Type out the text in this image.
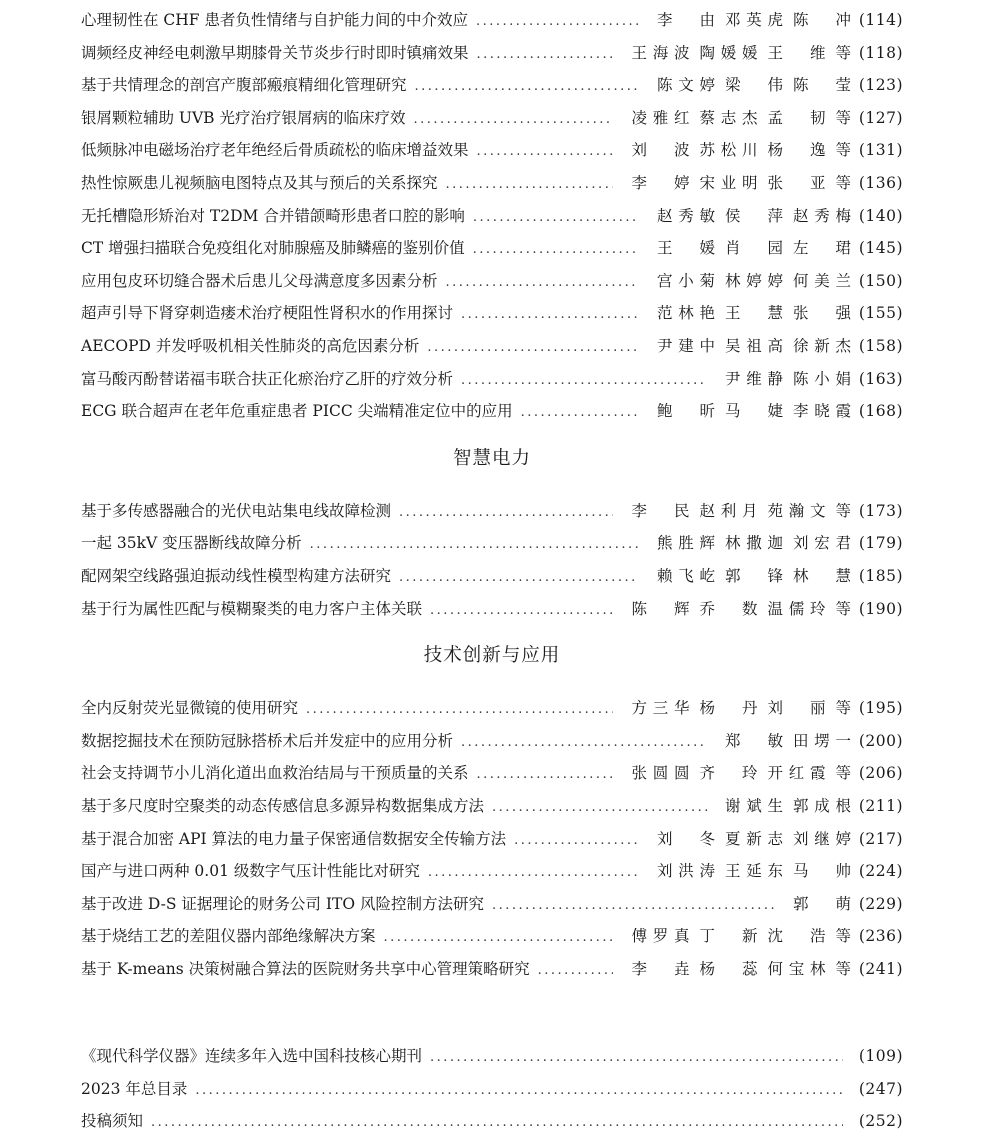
心理韧性在 CHF 患者负性情绪与自护能力间的中介效应 .....	李　由 邓英虎 陈　冲 (114)
调频经皮神经电刺激早期膝骨关节炎步行时即时镇痛效果 .....	王海波 陶媛媛 王　维 等 (118)
基于共情理念的剖宫产腹部瘢痕精细化管理研究 .....	陈文婷 梁　伟 陈　莹 (123)
银屑颗粒辅助 UVB 光疗治疗银屑病的临床疗效 .....	凌雅红 蔡志杰 孟　韧 等 (127)
低频脉冲电磁场治疗老年绝经后骨质疏松的临床增益效果 .....	刘　波 苏松川 杨　逸 等 (131)
热性惊厥患儿视频脑电图特点及其与预后的关系探究 .....	李　婷 宋业明 张　亚 等 (136)
无托槽隐形矫治对 T2DM 合并错颌畸形患者口腔的影响 .....	赵秀敏 侯　萍 赵秀梅 (140)
CT 增强扫描联合免疫组化对肺腺癌及肺鳞癌的鉴别价值 .....	王　媛 肖　园 左　珺 (145)
应用包皮环切缝合器术后患儿父母满意度多因素分析 .....	宫小菊 林婷婷 何美兰 (150)
超声引导下肾穿刺造瘘术治疗梗阻性肾积水的作用探讨 .....	范林艳 王　慧 张　强 (155)
AECOPD 并发呼吸机相关性肺炎的高危因素分析 .....	尹建中 吴祖高 徐新杰 (158)
富马酸丙酚替诺福韦联合扶正化瘀治疗乙肝的疗效分析 .....	尹维静 陈小娟 (163)
ECG 联合超声在老年危重症患者 PICC 尖端精准定位中的应用 .....	鲍　昕 马　婕 李晓霞 (168)
智慧电力
基于多传感器融合的光伏电站集电线故障检测 .....	李　民 赵利月 苑瀚文 等 (173)
一起 35kV 变压器断线故障分析 .....	熊胜辉 林撒迦 刘宏君 (179)
配网架空线路强迫振动线性模型构建方法研究 .....	赖飞屹 郭　锋 林　慧 (185)
基于行为属性匹配与模糊聚类的电力客户主体关联 .....	陈　辉 乔　数 温儒玲 等 (190)
技术创新与应用
全内反射荧光显微镜的使用研究 .....	方三华 杨　丹 刘　丽 等 (195)
数据挖掘技术在预防冠脉搭桥术后并发症中的应用分析 .....	郑　敏 田塄一 (200)
社会支持调节小儿消化道出血救治结局与干预质量的关系 .....	张圆圆 齐　玲 开红霞 等 (206)
基于多尺度时空聚类的动态传感信息多源异构数据集成方法 .....	谢斌生 郭成根 (211)
基于混合加密 API 算法的电力量子保密通信数据安全传输方法 .....	刘　冬 夏新志 刘继婷 (217)
国产与进口两种 0.01 级数字气压计性能比对研究 .....	刘洪涛 王延东 马　帅 (224)
基于改进 D-S 证据理论的财务公司 ITO 风险控制方法研究 .....	郭　萌 (229)
基于烧结工艺的差阻仪器内部绝缘解决方案 .....	傅罗真 丁　新 沈　浩 等 (236)
基于 K-means 决策树融合算法的医院财务共享中心管理策略研究 .....	李　垚 杨　蕊 何宝林 等 (241)
《现代科学仪器》连续多年入选中国科技核心期刊 .....	(109)
2023 年总目录 .....	(247)
投稿须知 .....	(252)
